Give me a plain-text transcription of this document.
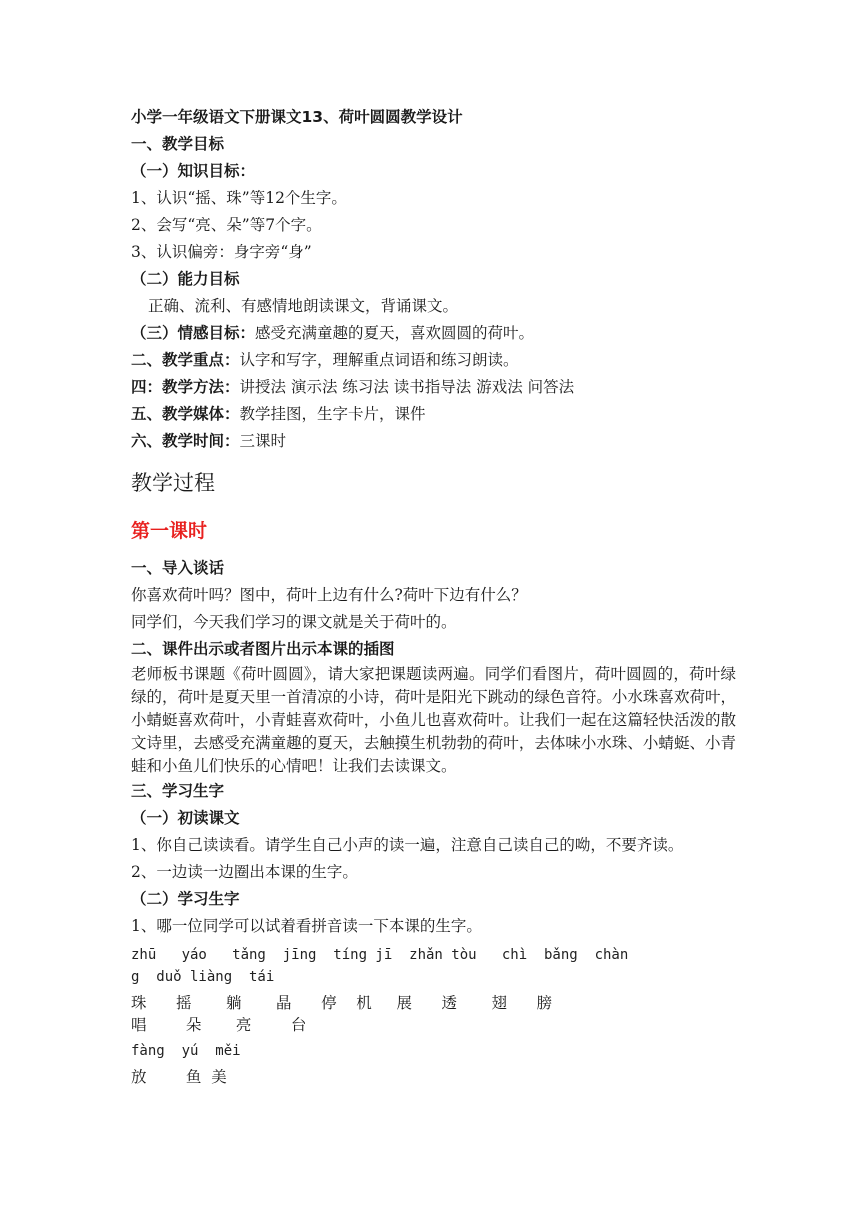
小学一年级语文下册课文13、荷叶圆圆教学设计
一、教学目标
（一）知识目标：
1、认识“摇、珠”等12个生字。
2、会写“亮、朵”等7个字。
3、认识偏旁：身字旁“身”
（二）能力目标
正确、流利、有感情地朗读课文，背诵课文。
（三）情感目标：感受充满童趣的夏天，喜欢圆圆的荷叶。
二、教学重点：认字和写字，理解重点词语和练习朗读。
四：教学方法：讲授法 演示法 练习法 读书指导法 游戏法 问答法
五、教学媒体：教学挂图，生字卡片，课件
六、教学时间：三课时
教学过程
第一课时
一、导入谈话
你喜欢荷叶吗？图中，荷叶上边有什么?荷叶下边有什么？
同学们，今天我们学习的课文就是关于荷叶的。
二、课件出示或者图片出示本课的插图
老师板书课题《荷叶圆圆》，请大家把课题读两遍。同学们看图片，荷叶圆圆的，荷叶绿绿的，荷叶是夏天里一首清凉的小诗，荷叶是阳光下跳动的绿色音符。小水珠喜欢荷叶，小蜻蜓喜欢荷叶，小青蛙喜欢荷叶，小鱼儿也喜欢荷叶。让我们一起在这篇轻快活泼的散文诗里，去感受充满童趣的夏天，去触摸生机勃勃的荷叶，去体味小水珠、小蜻蜓、小青蛙和小鱼儿们快乐的心情吧！让我们去读课文。
三、学习生字
（一）初读课文
1、你自己读读看。请学生自己小声的读一遍，注意自己读自己的呦，不要齐读。
2、一边读一边圈出本课的生字。
（二）学习生字
1、哪一位同学可以试着看拼音读一下本课的生字。
zhū   yáo   tǎng  jīng  tíng jī  zhǎn tòu   chì  bǎng  chàn
g  duǒ liàng  tái
珠      摇       躺       晶      停    机     展      透       翅      膀
唱        朵       亮        台
fàng  yú  měi
放        鱼  美
